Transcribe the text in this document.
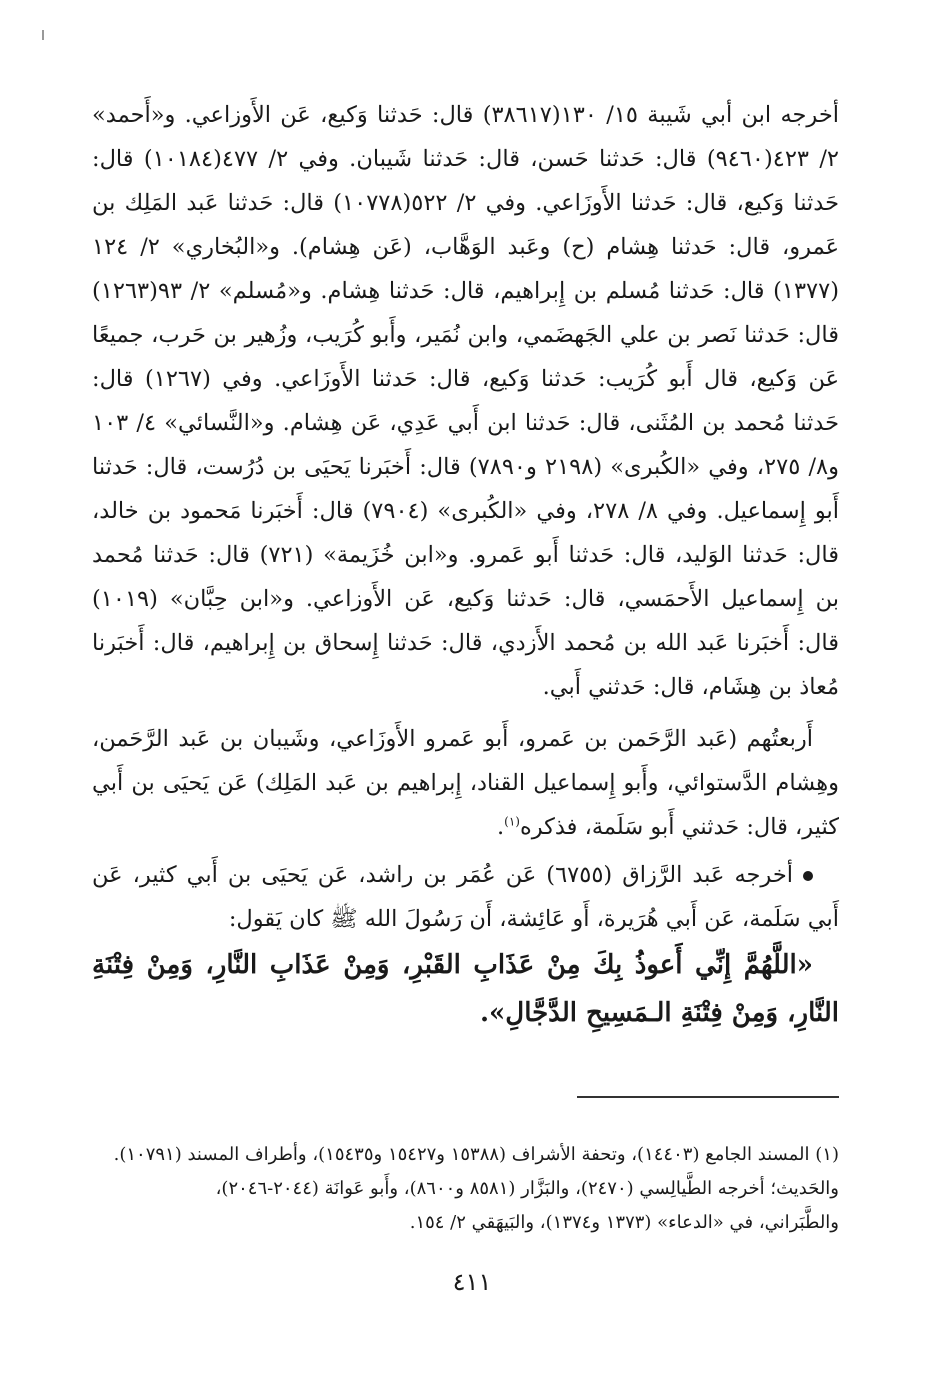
أخرجه ابن أبي شَيبة ١٥/ ١٣٠(٣٨٦١٧) قال: حَدثنا وَكيع، عَن الأَوزاعي. و«أَحمد» ٢/ ٤٢٣(٩٤٦٠) قال: حَدثنا حَسن، قال: حَدثنا شَيبان. وفي ٢/ ٤٧٧(١٠١٨٤) قال: حَدثنا وَكيع، قال: حَدثنا الأَوزَاعي. وفي ٢/ ٥٢٢(١٠٧٧٨) قال: حَدثنا عَبد المَلِك بن عَمرو، قال: حَدثنا هِشام (ح) وعَبد الوَهَّاب، (عَن هِشام). و«البُخاري» ٢/ ١٢٤ (١٣٧٧) قال: حَدثنا مُسلم بن إِبراهيم، قال: حَدثنا هِشام. و«مُسلم» ٢/ ٩٣(١٢٦٣) قال: حَدثنا نَصر بن علي الجَهضَمي، وابن نُمَير، وأَبو كُرَيب، وزُهير بن حَرب، جميعًا عَن وَكيع، قال أَبو كُرَيب: حَدثنا وَكيع، قال: حَدثنا الأَوزَاعي. وفي (١٢٦٧) قال: حَدثنا مُحمد بن المُثَنى، قال: حَدثنا ابن أَبي عَدِي، عَن هِشام. و«النَّسائي» ٤/ ١٠٣ و٨/ ٢٧٥، وفي «الكُبرى» (٢١٩٨ و٧٨٩٠) قال: أَخبَرنا يَحيَى بن دُرُست، قال: حَدثنا أَبو إِسماعيل. وفي ٨/ ٢٧٨، وفي «الكُبرى» (٧٩٠٤) قال: أَخبَرنا مَحمود بن خالد، قال: حَدثنا الوَليد، قال: حَدثنا أَبو عَمرو. و«ابن خُزَيمة» (٧٢١) قال: حَدثنا مُحمد بن إِسماعيل الأَحمَسي، قال: حَدثنا وَكيع، عَن الأَوزاعي. و«ابن حِبَّان» (١٠١٩) قال: أَخبَرنا عَبد الله بن مُحمد الأَزدي، قال: حَدثنا إِسحاق بن إِبراهيم، قال: أَخبَرنا مُعاذ بن هِشَام، قال: حَدثني أَبي.

أَربعتُهم (عَبد الرَّحَمن بن عَمرو، أَبو عَمرو الأَوزَاعي، وشَيبان بن عَبد الرَّحَمن، وهِشام الدَّستوائي، وأَبو إِسماعيل القناد، إِبراهيم بن عَبد المَلِك) عَن يَحيَى بن أَبي كثير، قال: حَدثني أَبو سَلَمة، فذكره$^{(١)}$.

أخرجه عَبد الرَّزاق (٦٧٥٥) عَن عُمَر بن راشد، عَن يَحيَى بن أَبي كثير، عَن أَبي سَلَمة، عَن أَبي هُرَيرة، أَو عَائِشة، أَن رَسُولَ الله ﷺ كان يَقول:

«اللَّهُمَّ إِنِّي أَعوذُ بِكَ مِنْ عَذَابِ القَبْرِ، وَمِنْ عَذَابِ النَّارِ، وَمِنْ فِتْنَةِ النَّارِ، وَمِنْ فِتْنَةِ الـمَسِيحِ الدَّجَّالِ».

(١) المسند الجامع (١٤٤٠٣)، وتحفة الأشراف (١٥٣٨٨ و١٥٤٢٧ و١٥٤٣٥)، وأطراف المسند (١٠٧٩١).

والحَديث؛ أخرجه الطَّيالِسي (٢٤٧٠)، والبَزَّار (٨٥٨١ و٨٦٠٠)، وأَبو عَوانَة (٢٠٤٤-٢٠٤٦)،

والطَّبَراني، في «الدعاء» (١٣٧٣ و١٣٧٤)، والبَيهَقي ٢/ ١٥٤.

٤١١
